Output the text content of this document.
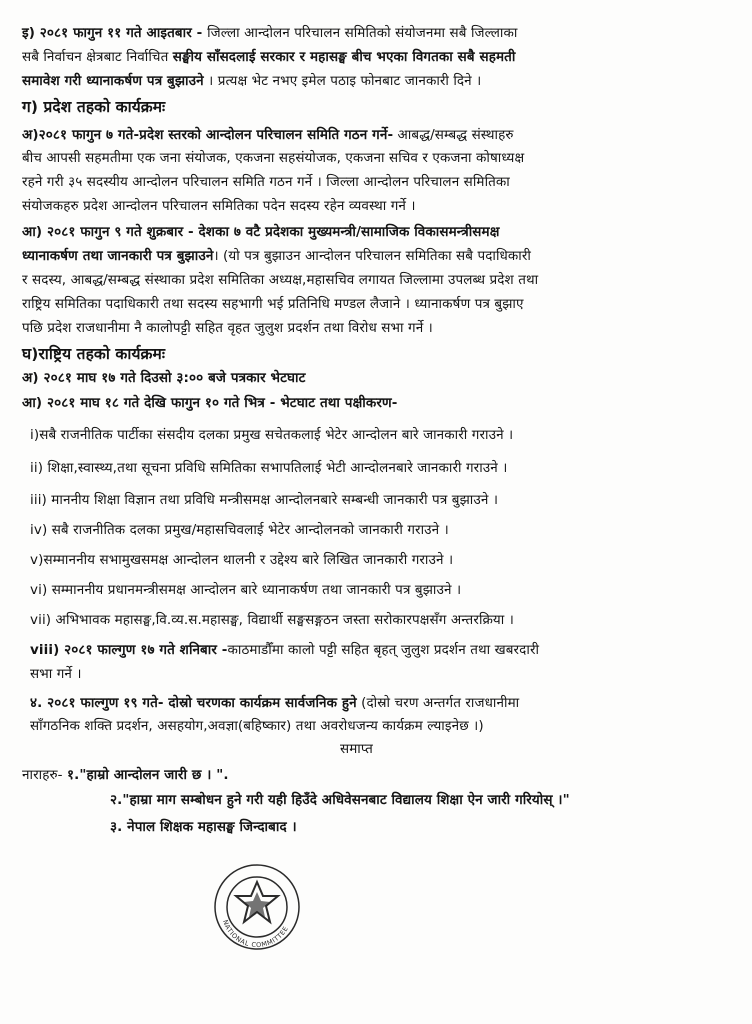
इ) २०८१ फागुन ११ गते आइतबार - जिल्ला आन्दोलन परिचालन समितिको संयोजनमा सबै जिल्लाका
सबै निर्वाचन क्षेत्रबाट निर्वाचित सङ्घीय साँसदलाई सरकार र महासङ्घ बीच भएका विगतका सबै सहमती
समावेश गरी ध्यानाकर्षण पत्र बुझाउने । प्रत्यक्ष भेट नभए इमेल पठाइ फोनबाट जानकारी दिने ।
ग) प्रदेश तहको कार्यक्रमः
अ)२०८१ फागुन ७ गते-प्रदेश स्तरको आन्दोलन परिचालन समिति गठन गर्ने- आबद्ध/सम्बद्ध संस्थाहरु
बीच आपसी सहमतीमा एक जना संयोजक, एकजना सहसंयोजक, एकजना सचिव र एकजना कोषाध्यक्ष
रहने गरी ३५ सदस्यीय आन्दोलन परिचालन समिति गठन गर्ने । जिल्ला आन्दोलन परिचालन समितिका
संयोजकहरु प्रदेश आन्दोलन परिचालन समितिका पदेन सदस्य रहेन व्यवस्था गर्ने ।
आ) २०८१ फागुन ९ गते शुक्रबार - देशका ७ वटै प्रदेशका मुख्यमन्त्री/सामाजिक विकासमन्त्रीसमक्ष
ध्यानाकर्षण तथा जानकारी पत्र बुझाउने। (यो पत्र बुझाउन आन्दोलन परिचालन समितिका सबै पदाधिकारी
र सदस्य, आबद्ध/सम्बद्ध संस्थाका प्रदेश समितिका अध्यक्ष,महासचिव लगायत जिल्लामा उपलब्ध प्रदेश तथा
राष्ट्रिय समितिका पदाधिकारी तथा सदस्य सहभागी भई प्रतिनिधि मण्डल लैजाने । ध्यानाकर्षण पत्र बुझाए
पछि प्रदेश राजधानीमा नै कालोपट्टी सहित वृहत जुलुश प्रदर्शन तथा विरोध सभा गर्ने ।
घ)राष्ट्रिय तहको कार्यक्रमः
अ) २०८१ माघ १७ गते दिउसो ३:०० बजे पत्रकार भेटघाट
आ) २०८१ माघ १८ गते देखि फागुन १० गते भित्र - भेटघाट तथा पक्षीकरण-
i)सबै राजनीतिक पार्टीका संसदीय दलका प्रमुख सचेतकलाई भेटेर आन्दोलन बारे जानकारी गराउने ।
ii) शिक्षा,स्वास्थ्य,तथा सूचना प्रविधि समितिका सभापतिलाई भेटी आन्दोलनबारे जानकारी गराउने ।
iii) माननीय शिक्षा विज्ञान तथा प्रविधि मन्त्रीसमक्ष आन्दोलनबारे सम्बन्धी जानकारी पत्र बुझाउने ।
iv) सबै राजनीतिक दलका प्रमुख/महासचिवलाई भेटेर आन्दोलनको जानकारी गराउने ।
v)सम्माननीय सभामुखसमक्ष आन्दोलन थालनी र उद्देश्य बारे लिखित जानकारी गराउने ।
vi) सम्माननीय प्रधानमन्त्रीसमक्ष आन्दोलन बारे ध्यानाकर्षण तथा जानकारी पत्र बुझाउने ।
vii) अभिभावक महासङ्घ,वि.व्य.स.महासङ्घ, विद्यार्थी सङ्घसङ्गठन जस्ता सरोकारपक्षसँग अन्तरक्रिया ।
viii) २०८१ फाल्गुण १७ गते शनिबार -काठमाडौँमा कालो पट्टी सहित बृहत् जुलुश प्रदर्शन तथा खबरदारी
सभा गर्ने ।
४. २०८१ फाल्गुण १९ गते- दोस्रो चरणका कार्यक्रम सार्वजनिक हुने (दोस्रो चरण अन्तर्गत राजधानीमा
साँगठनिक शक्ति प्रदर्शन, असहयोग,अवज्ञा(बहिष्कार) तथा अवरोधजन्य कार्यक्रम ल्याइनेछ ।)
समाप्त
नाराहरु- १."हाम्रो आन्दोलन जारी छ । ".
२."हाम्रा माग सम्बोधन हुने गरी यही हिउँदे अधिवेसनबाट विद्यालय शिक्षा ऐन जारी गरियोस् ।"
३. नेपाल शिक्षक महासङ्घ जिन्दाबाद ।
NATIONAL COMMITTEE
